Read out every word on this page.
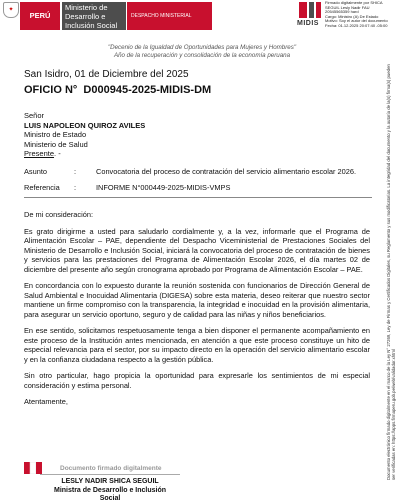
✦
PERÚ
Ministerio de Desarrollo e Inclusión Social
DESPACHO MINISTERIAL
MIDIS
Firmado digitalmente por SHICA
SEGUIL Lesly Nadir FAU
20545565359 hard
Cargo: Ministro (A) De Estado
Motivo: Soy el autor del documento
Fecha: 01.12.2025 20:07:40 -05:00
"Decenio de la Igualdad de Oportunidades para Mujeres y Hombres"
Año de la recuperación y consolidación de la economía peruana
San Isidro, 01 de Diciembre del 2025
OFICIO N° D000945-2025-MIDIS-DM
Señor
LUIS NAPOLEON QUIROZ AVILES
Ministro de Estado
Ministerio de Salud
Presente. -
Asunto	:	Convocatoria del proceso de contratación del servicio alimentario escolar 2026.

Referencia	:	INFORME N°000449-2025-MIDIS-VMPS

De mi consideración:

Es grato dirigirme a usted para saludarlo cordialmente y, a la vez, informarle que el Programa de Alimentación Escolar – PAE, dependiente del Despacho Viceministerial de Prestaciones Sociales del Ministerio de Desarrollo e Inclusión Social, iniciará la convocatoria del proceso de contratación de bienes y servicios para las prestaciones del Programa de Alimentación Escolar 2026, el día martes 02 de diciembre del presente año según cronograma aprobado por Programa de Alimentación Escolar – PAE.

En concordancia con lo expuesto durante la reunión sostenida con funcionarios de Dirección General de Salud Ambiental e Inocuidad Alimentaria (DIGESA) sobre esta materia, deseo reiterar que nuestro sector mantiene un firme compromiso con la transparencia, la integridad e inocuidad en la provisión alimentaria, para asegurar un servicio oportuno, seguro y de calidad para las niñas y niños beneficiarios.

En ese sentido, solicitamos respetuosamente tenga a bien disponer el permanente acompañamiento en este proceso de la Institución antes mencionada, en atención a que este proceso constituye un hito de especial relevancia para el sector, por su impacto directo en la operación del servicio alimentario escolar y en la confianza ciudadana respecto a la gestión pública.

Sin otro particular, hago propicia la oportunidad para expresarle los sentimientos de mi especial consideración y estima personal.

Atentamente,

Documento firmado digitalmente
LESLY NADIR SHICA SEGUIL
Ministra de Desarrollo e Inclusión Social
Documento electrónico firmado digitalmente en el marco de la Ley N° 27269, Ley de Firmas y Certificados Digitales, su Reglamento y sus modificatorias. La integridad del documento y la autoría de la(s) firma(s) pueden ser verificadas en: https://apps.firmaperu.gob.pe/web/validador.xhtml
